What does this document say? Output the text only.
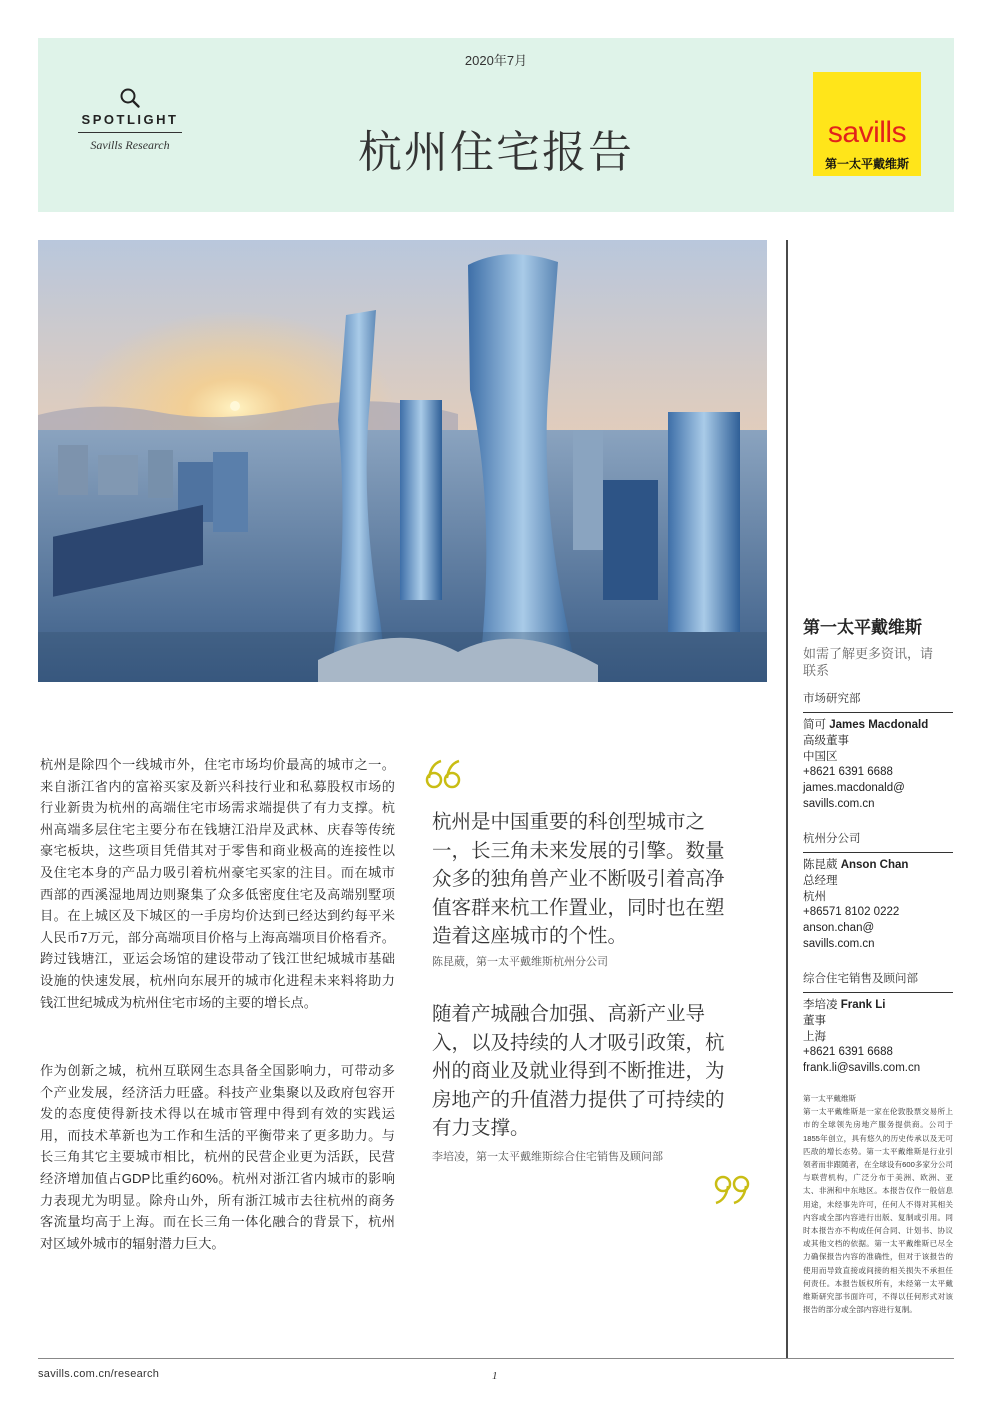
2020年7月
SPOTLIGHT
Savills Research	杭州住宅报告	savills
第一太平戴维斯

杭州是除四个一线城市外，住宅市场均价最高的城市之一。来自浙江省内的富裕买家及新兴科技行业和私募股权市场的行业新贵为杭州的高端住宅市场需求端提供了有力支撑。杭州高端多层住宅主要分布在钱塘江沿岸及武林、庆春等传统豪宅板块，这些项目凭借其对于零售和商业极高的连接性以及住宅本身的产品力吸引着杭州豪宅买家的注目。而在城市西部的西溪湿地周边则聚集了众多低密度住宅及高端别墅项目。在上城区及下城区的一手房均价达到已经达到约每平米人民币7万元，部分高端项目价格与上海高端项目价格看齐。跨过钱塘江，亚运会场馆的建设带动了钱江世纪城城市基础设施的快速发展，杭州向东展开的城市化进程未来料将助力钱江世纪城成为杭州住宅市场的主要的增长点。

作为创新之城，杭州互联网生态具备全国影响力，可带动多个产业发展，经济活力旺盛。科技产业集聚以及政府包容开发的态度使得新技术得以在城市管理中得到有效的实践运用，而技术革新也为工作和生活的平衡带来了更多助力。与长三角其它主要城市相比，杭州的民营企业更为活跃，民营经济增加值占GDP比重约60%。杭州对浙江省内城市的影响力表现尤为明显。除舟山外，所有浙江城市去往杭州的商务客流量均高于上海。而在长三角一体化融合的背景下，杭州对区域外城市的辐射潜力巨大。

杭州是中国重要的科创型城市之一，长三角未来发展的引擎。数量众多的独角兽产业不断吸引着高净值客群来杭工作置业，同时也在塑造着这座城市的个性。

陈昆葳，第一太平戴维斯杭州分公司

随着产城融合加强、高新产业导入，以及持续的人才吸引政策，杭州的商业及就业得到不断推进，为房地产的升值潜力提供了可持续的有力支撑。

李培凌，第一太平戴维斯综合住宅销售及顾问部

第一太平戴维斯
如需了解更多资讯，请联系
市场研究部
简可 James Macdonald
高级董事
中国区
+8621 6391 6688
james.macdonald@
savills.com.cn
杭州分公司
陈昆葳 Anson Chan
总经理
杭州
+86571 8102 0222
anson.chan@
savills.com.cn
综合住宅销售及顾问部
李培凌 Frank Li
董事
上海
+8621 6391 6688
frank.li@savills.com.cn
第一太平戴维斯
第一太平戴维斯是一家在伦敦股票交易所上市的全球领先房地产服务提供商。公司于1855年创立，具有悠久的历史传承以及无可匹敌的增长态势。第一太平戴维斯是行业引领者而非跟随者，在全球设有600多家分公司与联营机构，广泛分布于美洲、欧洲、亚太、非洲和中东地区。本报告仅作一般信息用途，未经事先许可，任何人不得对其相关内容或全部内容进行出版、复制或引用。同时本报告亦不构成任何合同、计划书、协议或其他文档的依据。第一太平戴维斯已尽全力确保报告内容的准确性，但对于该报告的使用而导致直接或间接的相关损失不承担任何责任。本报告版权所有，未经第一太平戴维斯研究部书面许可，不得以任何形式对该报告的部分或全部内容进行复制。
savills.com.cn/research	1
